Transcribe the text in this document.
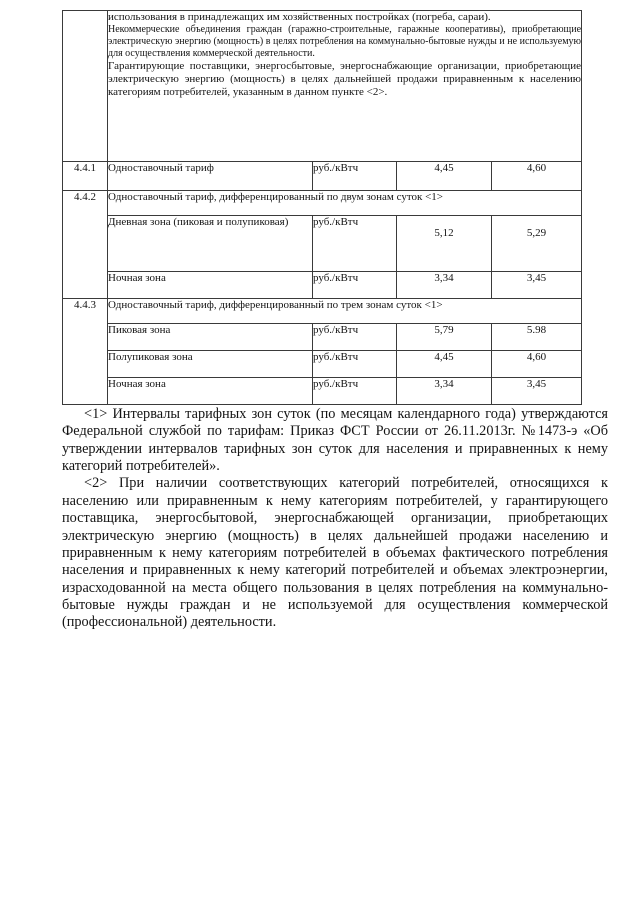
	использования в принадлежащих им хозяйственных постройках (погреба, сараи).

Некоммерческие объединения граждан (гаражно-строительные, гаражные кооперативы), приобретающие электрическую энергию (мощность) в целях потребления на коммунально-бытовые нужды и не используемую для осуществления коммерческой деятельности.

Гарантирующие поставщики, энергосбытовые, энергоснабжающие организации, приобретающие электрическую энергию (мощность) в целях дальнейшей продажи приравненным к населению категориям потребителей, указанным в данном пункте <2>.			

4.4.1	Одноставочный тариф	руб./кВтч	4,45	4,60
4.4.2	Одноставочный тариф, дифференцированный по двум зонам суток <1>			
	Дневная зона (пиковая и полупиковая)	руб./кВтч	5,12	5,29
	Ночная зона	руб./кВтч	3,34	3,45
4.4.3	Одноставочный тариф, дифференцированный по трем зонам суток <1>			
	Пиковая зона	руб./кВтч	5,79	5.98
	Полупиковая зона	руб./кВтч	4,45	4,60
	Ночная зона	руб./кВтч	3,34	3,45

<1> Интервалы тарифных зон суток (по месяцам календарного года) утверждаются Федеральной службой по тарифам: Приказ ФСТ России от 26.11.2013г. №1473-э «Об утверждении интервалов тарифных зон суток для населения и приравненных к нему категорий потребителей».

<2> При наличии соответствующих категорий потребителей, относящихся к населению или приравненным к нему категориям потребителей, у гарантирующего поставщика, энергосбытовой, энергоснабжающей организации, приобретающих электрическую энергию (мощность) в целях дальнейшей продажи населению и приравненным к нему категориям потребителей в объемах фактического потребления населения и приравненных к нему категорий потребителей и объемах электроэнергии, израсходованной на места общего пользования в целях потребления на коммунально-бытовые нужды граждан и не используемой для осуществления коммерческой (профессиональной) деятельности.
